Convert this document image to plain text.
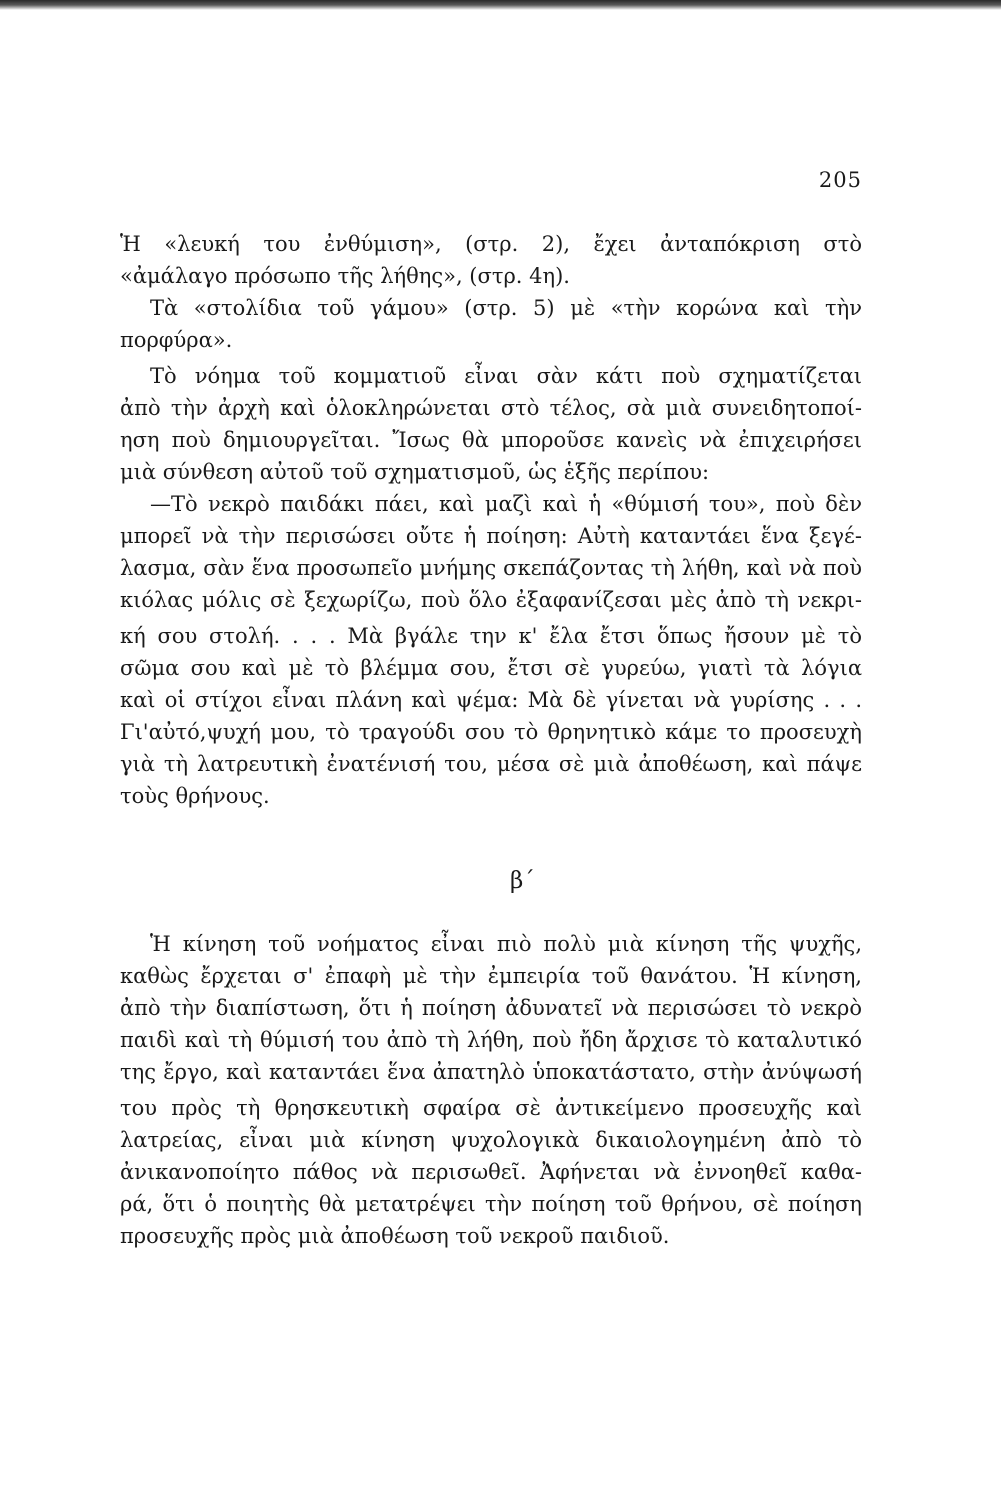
205
Ἡ «λευκή του ἐνθύμιση», (στρ. 2), ἔχει ἀνταπόκριση στὸ
«ἀμάλαγο πρόσωπο τῆς λήθης», (στρ. 4η).
Τὰ «στολίδια τοῦ γάμου» (στρ. 5) μὲ «τὴν κορώνα καὶ τὴν
πορφύρα».
Τὸ νόημα τοῦ κομματιοῦ εἶναι σὰν κάτι ποὺ σχηματίζεται
ἀπὸ τὴν ἀρχὴ καὶ ὁλοκληρώνεται στὸ τέλος, σὰ μιὰ συνειδητοποί-
ηση ποὺ δημιουργεῖται. Ἴσως θὰ μποροῦσε κανεὶς νὰ ἐπιχειρήσει
μιὰ σύνθεση αὐτοῦ τοῦ σχηματισμοῦ, ὡς ἑξῆς περίπου:
—Τὸ νεκρὸ παιδάκι πάει, καὶ μαζὶ καὶ ἡ «θύμισή του», ποὺ δὲν
μπορεῖ νὰ τὴν περισώσει οὔτε ἡ ποίηση: Αὐτὴ καταντάει ἕνα ξεγέ-
λασμα, σὰν ἕνα προσωπεῖο μνήμης σκεπάζοντας τὴ λήθη, καὶ νὰ ποὺ
κιόλας μόλις σὲ ξεχωρίζω, ποὺ ὅλο ἐξαφανίζεσαι μὲς ἀπὸ τὴ νεκρι-
κή σου στολή. . . . Μὰ βγάλε την κ' ἔλα ἔτσι ὅπως ἤσουν μὲ τὸ
σῶμα σου καὶ μὲ τὸ βλέμμα σου, ἔτσι σὲ γυρεύω, γιατὶ τὰ λόγια
καὶ οἱ στίχοι εἶναι πλάνη καὶ ψέμα: Μὰ δὲ γίνεται νὰ γυρίσης . . .
Γι'αὐτό,ψυχή μου, τὸ τραγούδι σου τὸ θρηνητικὸ κάμε το προσευχὴ
γιὰ τὴ λατρευτικὴ ἐνατένισή του, μέσα σὲ μιὰ ἀποθέωση, καὶ πάψε
τοὺς θρήνους.
β΄
Ἡ κίνηση τοῦ νοήματος εἶναι πιὸ πολὺ μιὰ κίνηση τῆς ψυχῆς,
καθὼς ἔρχεται σ' ἐπαφὴ μὲ τὴν ἐμπειρία τοῦ θανάτου. Ἡ κίνηση,
ἀπὸ τὴν διαπίστωση, ὅτι ἡ ποίηση ἀδυνατεῖ νὰ περισώσει τὸ νεκρὸ
παιδὶ καὶ τὴ θύμισή του ἀπὸ τὴ λήθη, ποὺ ἤδη ἄρχισε τὸ καταλυτικό
της ἔργο, καὶ καταντάει ἕνα ἀπατηλὸ ὑποκατάστατο, στὴν ἀνύψωσή
του πρὸς τὴ θρησκευτικὴ σφαίρα σὲ ἀντικείμενο προσευχῆς καὶ
λατρείας, εἶναι μιὰ κίνηση ψυχολογικὰ δικαιολογημένη ἀπὸ τὸ
ἀνικανοποίητο πάθος νὰ περισωθεῖ. Ἀφήνεται νὰ ἐννοηθεῖ καθα-
ρά, ὅτι ὁ ποιητὴς θὰ μετατρέψει τὴν ποίηση τοῦ θρήνου, σὲ ποίηση
προσευχῆς πρὸς μιὰ ἀποθέωση τοῦ νεκροῦ παιδιοῦ.
